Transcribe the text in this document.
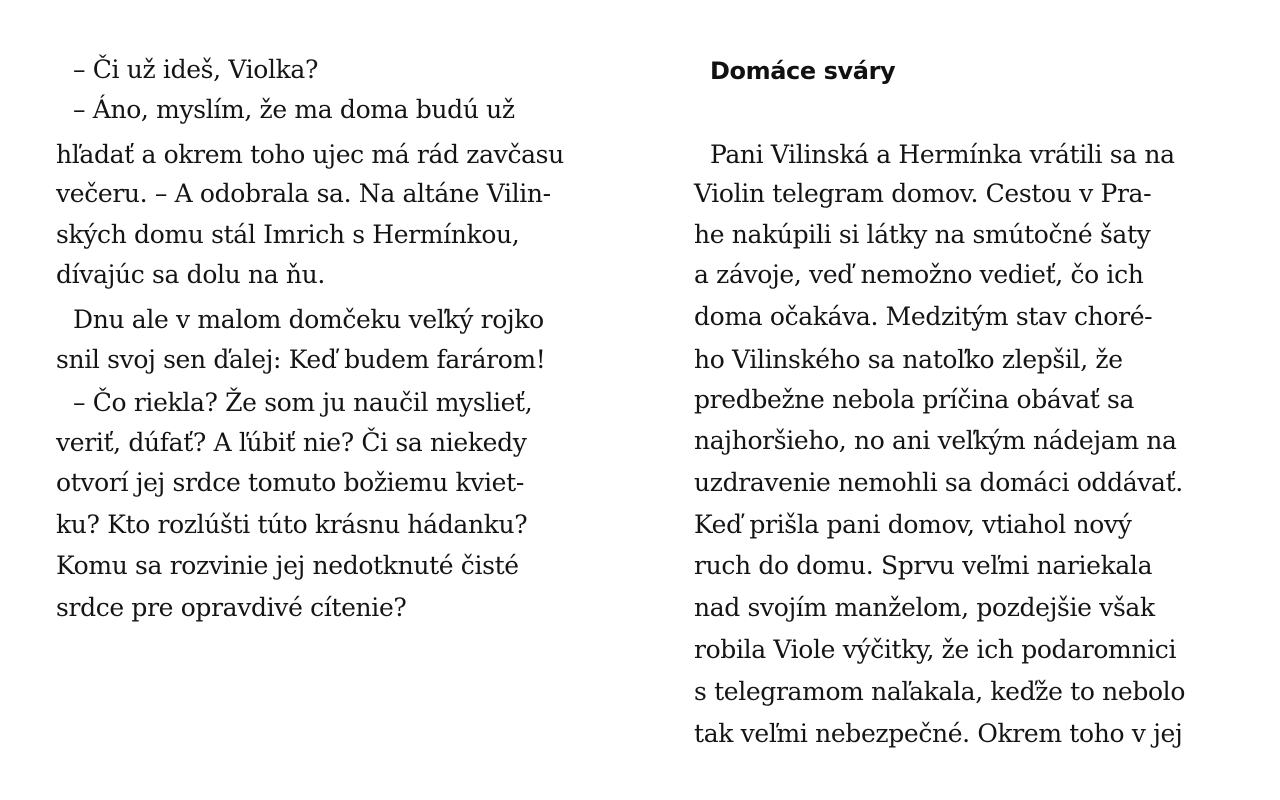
– Či už ideš, Violka?
– Áno, myslím, že ma doma budú už
hľadať a okrem toho ujec má rád zavčasu
večeru. – A odobrala sa. Na altáne Vilin-
ských domu stál Imrich s Hermínkou,
dívajúc sa dolu na ňu.
Dnu ale v malom domčeku veľký rojko
snil svoj sen ďalej: Keď budem farárom!
– Čo riekla? Že som ju naučil myslieť,
veriť, dúfať? A ľúbiť nie? Či sa niekedy
otvorí jej srdce tomuto božiemu kviet-
ku? Kto rozlúšti túto krásnu hádanku?
Komu sa rozvinie jej nedotknuté čisté
srdce pre opravdivé cítenie?
Domáce sváry
Pani Vilinská a Hermínka vrátili sa na
Violin telegram domov. Cestou v Pra-
he nakúpili si látky na smútočné šaty
a závoje, veď nemožno vedieť, čo ich
doma očakáva. Medzitým stav choré-
ho Vilinského sa natoľko zlepšil, že
predbežne nebola príčina obávať sa
najhoršieho, no ani veľkým nádejam na
uzdravenie nemohli sa domáci oddávať.
Keď prišla pani domov, vtiahol nový
ruch do domu. Sprvu veľmi nariekala
nad svojím manželom, pozdejšie však
robila Viole výčitky, že ich podaromnici
s telegramom naľakala, keďže to nebolo
tak veľmi nebezpečné. Okrem toho v jej
